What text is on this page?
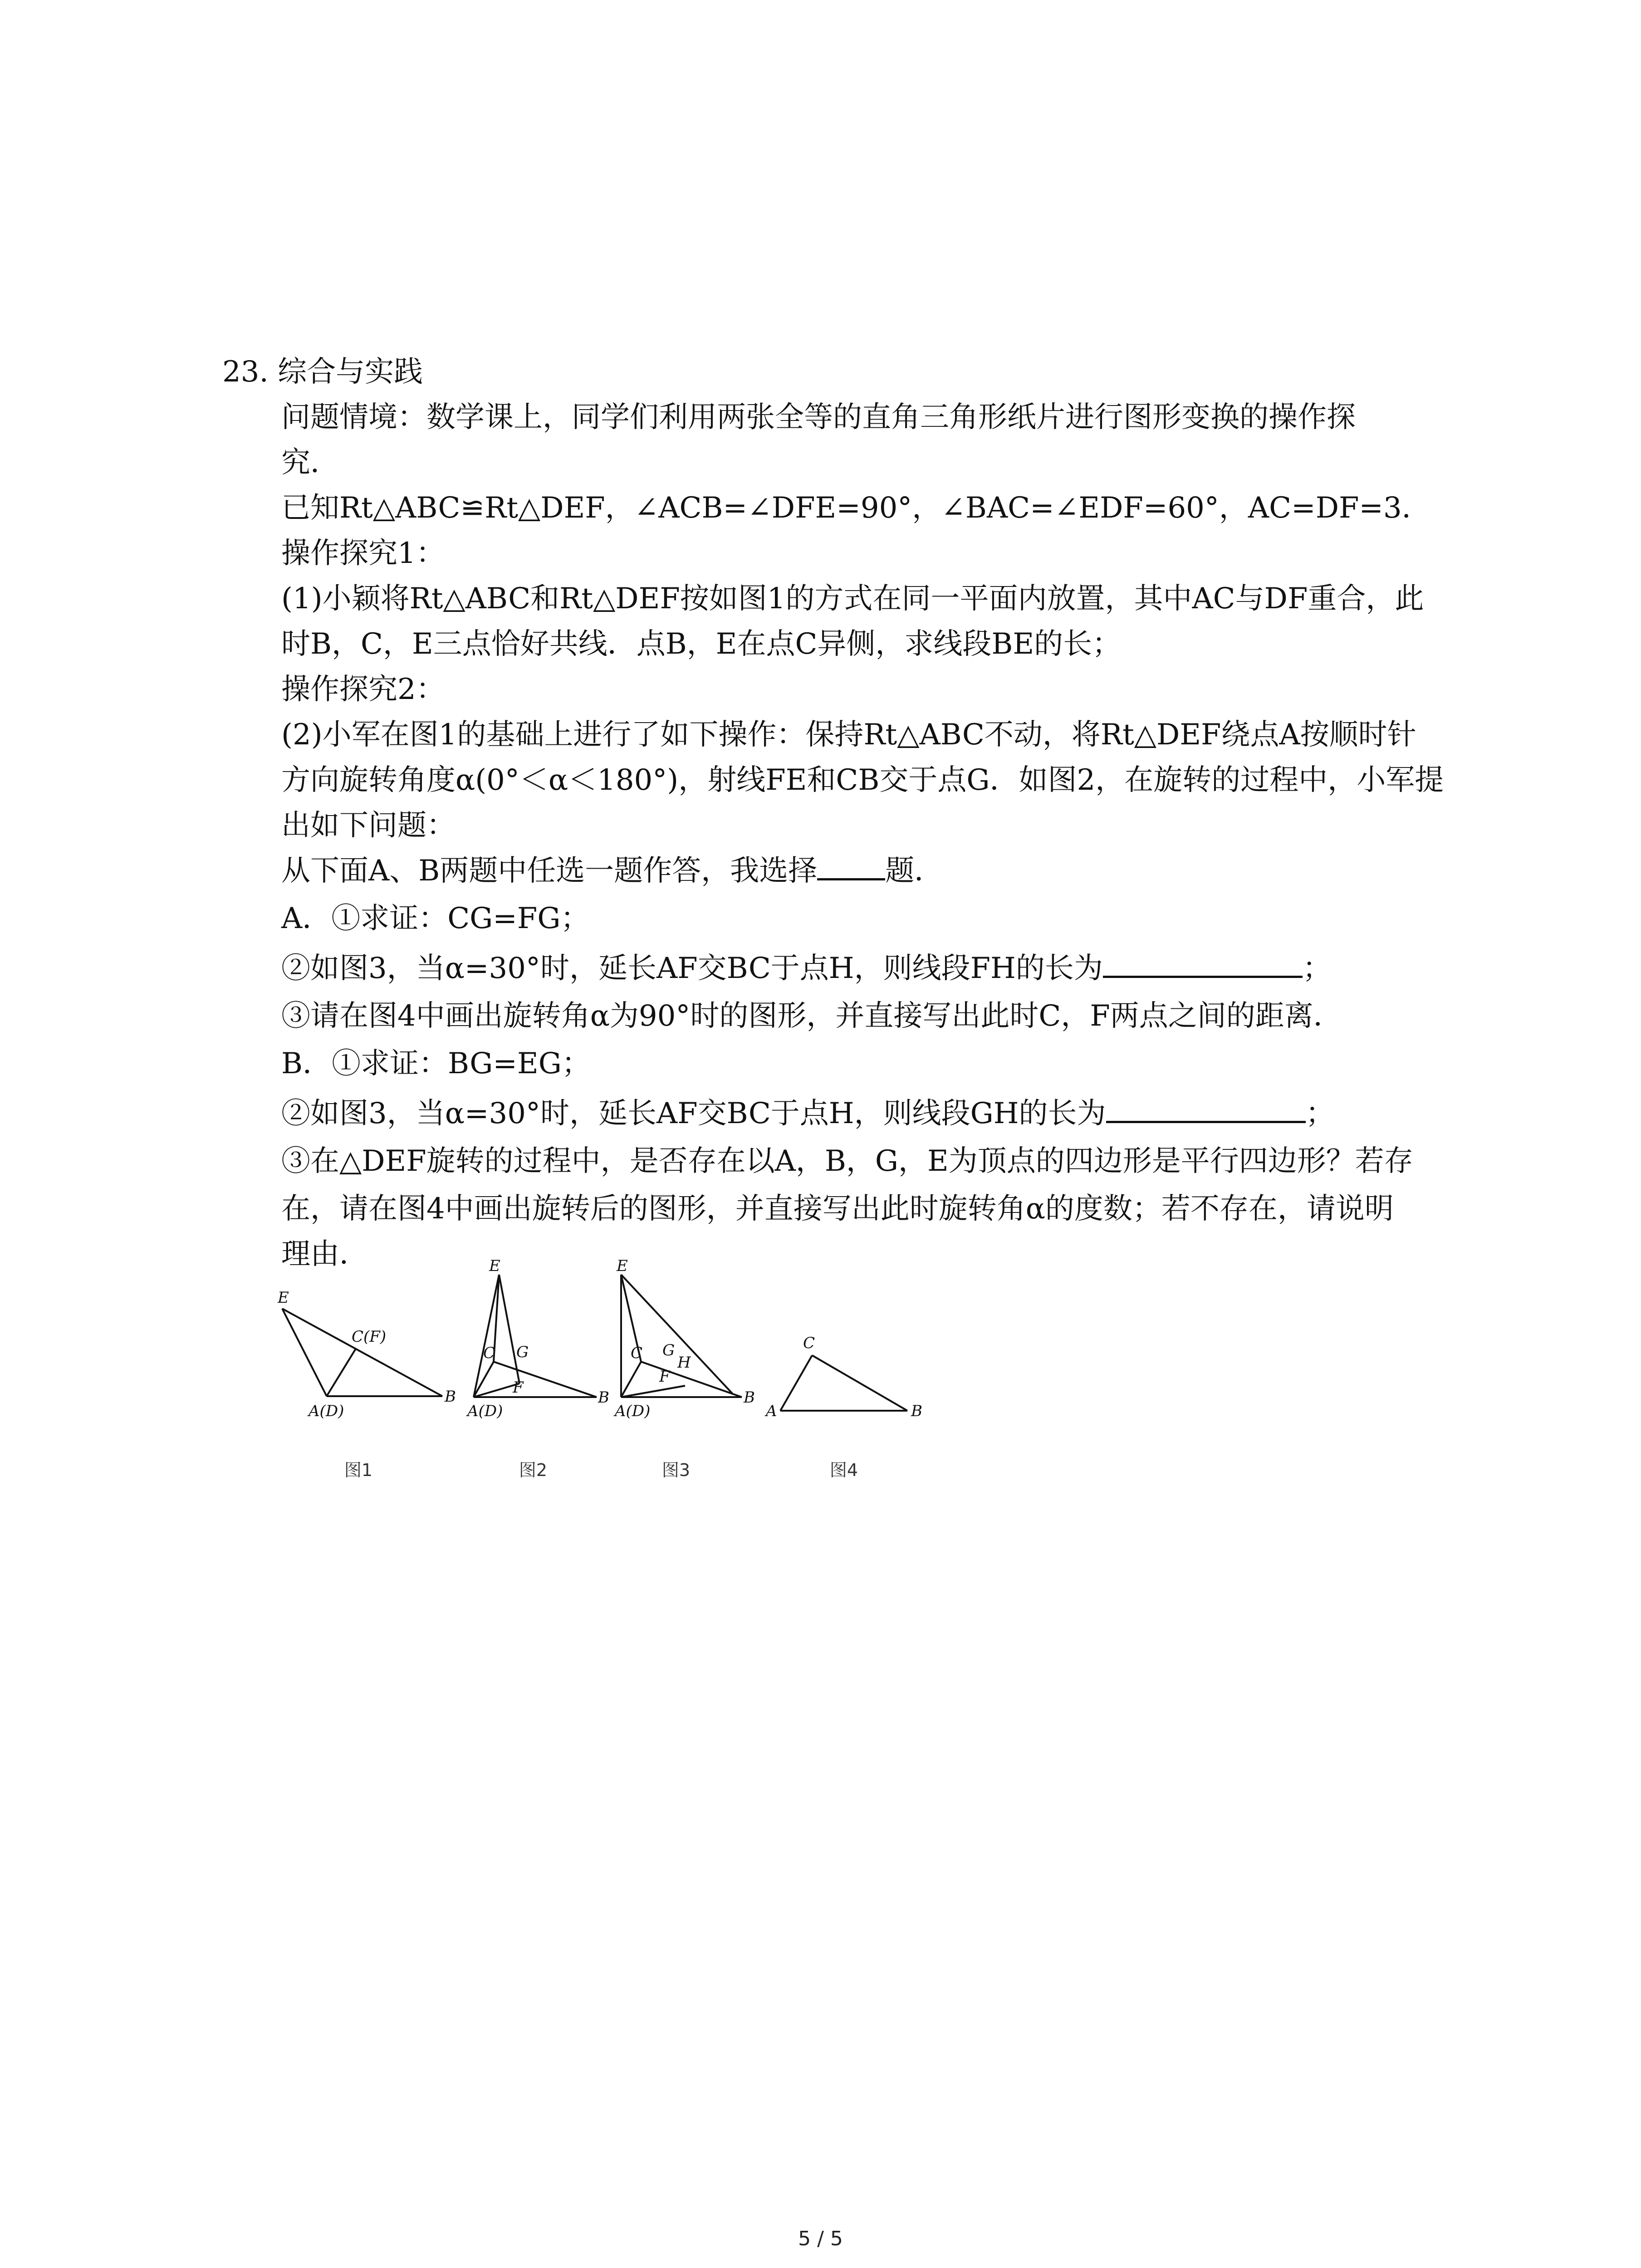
23. 综合与实践
问题情境：数学课上，同学们利用两张全等的直角三角形纸片进行图形变换的操作探
究．
已知Rt△ABC≌Rt△DEF，∠ACB=∠DFE=90°，∠BAC=∠EDF=60°，AC=DF=3．
操作探究1：
(1)小颖将Rt△ABC和Rt△DEF按如图1的方式在同一平面内放置，其中AC与DF重合，此
时B，C，E三点恰好共线．点B，E在点C异侧，求线段BE的长；
操作探究2：
(2)小军在图1的基础上进行了如下操作：保持Rt△ABC不动，将Rt△DEF绕点A按顺时针
方向旋转角度α(0°＜α＜180°)，射线FE和CB交于点G．如图2，在旋转的过程中，小军提
出如下问题：
从下面A、B两题中任选一题作答，我选择 题．
A．①求证：CG=FG；
②如图3，当α=30°时，延长AF交BC于点H，则线段FH的长为	；
③请在图4中画出旋转角α为90°时的图形，并直接写出此时C，F两点之间的距离．
B．①求证：BG=EG；
②如图3，当α=30°时，延长AF交BC于点H，则线段GH的长为	；
③在△DEF旋转的过程中，是否存在以A，B，G，E为顶点的四边形是平行四边形？若存
在，请在图4中画出旋转后的图形，并直接写出此时旋转角α的度数；若不存在，请说明
理由．
E
C(F)
A(D)
B
图1
E
C G
F
A(D)
B
图2
E
C G
H
F
A(D)
B
图3
C
A	B
图4
5 / 5
